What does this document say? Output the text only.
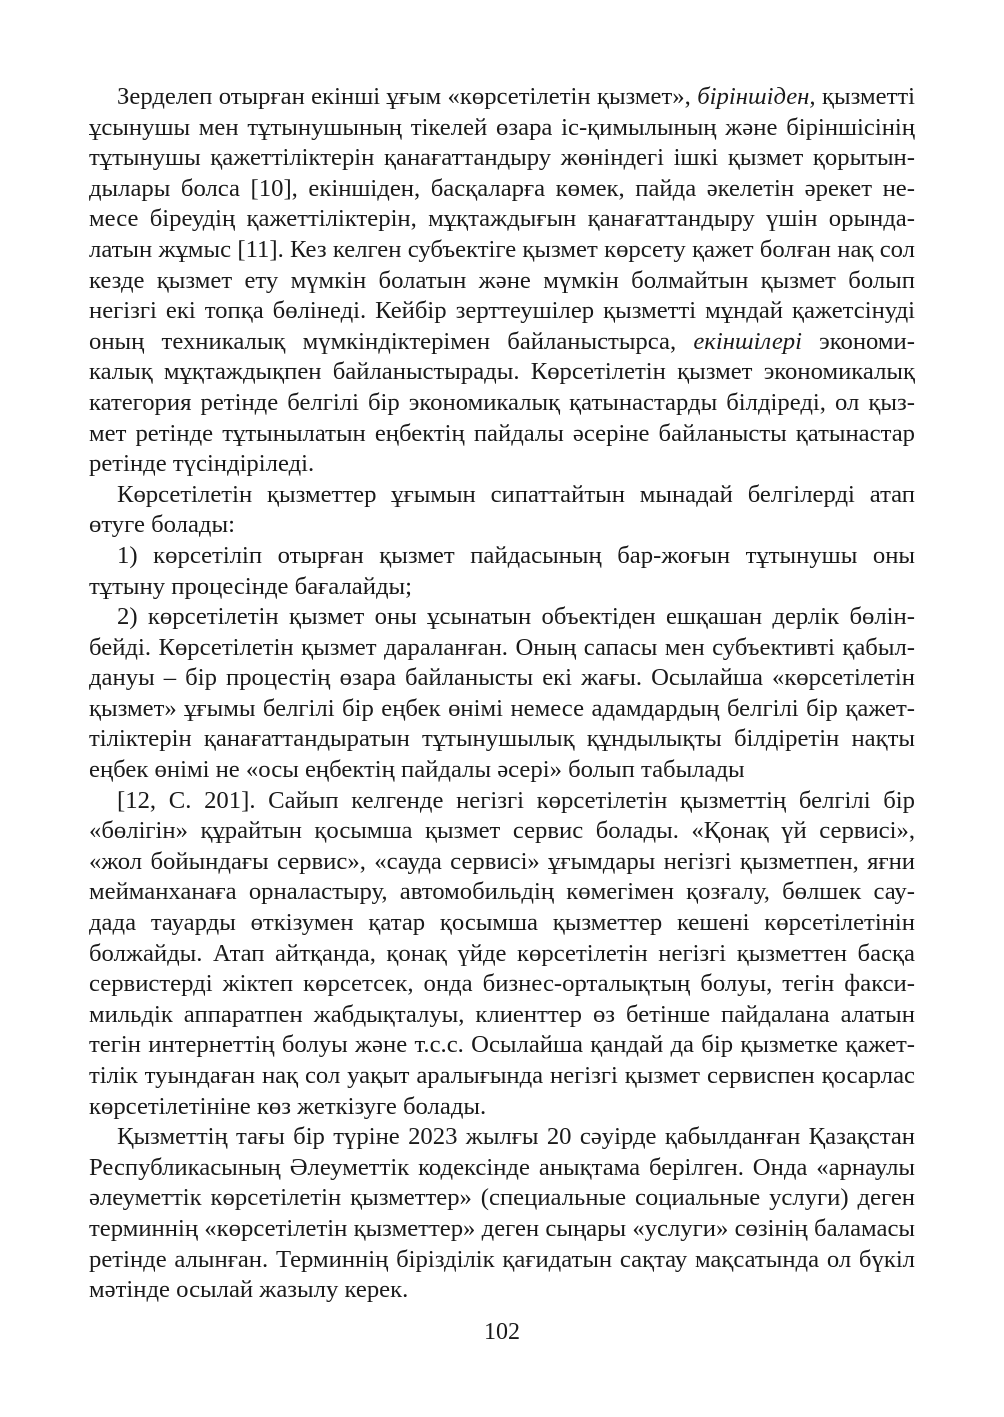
Зерделеп отырған екінші ұғым «көрсетілетін қызмет», біріншіден, қызметті ұсынушы мен тұтынушының тікелей өзара іс-қимылының және біріншісінің тұтынушы қажеттіліктерін қанағаттандыру жөніндегі ішкі қызмет қорытындылары болса [10], екіншіден, басқаларға көмек, пайда әкелетін әрекет немесе біреудің қажеттіліктерін, мұқтаждығын қанағаттандыру үшін орындалатын жұмыс [11]. Кез келген субъектіге қызмет көрсету қажет болған нақ сол кезде қызмет ету мүмкін болатын және мүмкін болмайтын қызмет болып негізгі екі топқа бөлінеді. Кейбір зерттеушілер қызметті мұндай қажетсінуді оның техникалық мүмкіндіктерімен байланыстырса, екіншілері экономикалық мұқтаждықпен байланыстырады. Көрсетілетін қызмет экономикалық категория ретінде белгілі бір экономикалық қатынастарды білдіреді, ол қызмет ретінде тұтынылатын еңбектің пайдалы әсеріне байланысты қатынастар ретінде түсіндіріледі.

Көрсетілетін қызметтер ұғымын сипаттайтын мынадай белгілерді атап өтуге болады:

1) көрсетіліп отырған қызмет пайдасының бар-жоғын тұтынушы оны тұтыну процесінде бағалайды;

2) көрсетілетін қызмет оны ұсынатын объектіден ешқашан дерлік бөлінбейді. Көрсетілетін қызмет дараланған. Оның сапасы мен субъективті қабылдануы – бір процестің өзара байланысты екі жағы. Осылайша «көрсетілетін қызмет» ұғымы белгілі бір еңбек өнімі немесе адамдардың белгілі бір қажеттіліктерін қанағаттандыратын тұтынушылық құндылықты білдіретін нақты еңбек өнімі не «осы еңбектің пайдалы әсері» болып табылады

[12, С. 201]. Сайып келгенде негізгі көрсетілетін қызметтің белгілі бір «бөлігін» құрайтын қосымша қызмет сервис болады. «Қонақ үй сервисі», «жол бойындағы сервис», «сауда сервисі» ұғымдары негізгі қызметпен, яғни мейманханаға орналастыру, автомобильдің көмегімен қозғалу, бөлшек саудада тауарды өткізумен қатар қосымша қызметтер кешені көрсетілетінін болжайды. Атап айтқанда, қонақ үйде көрсетілетін негізгі қызметтен басқа сервистерді жіктеп көрсетсек, онда бизнес-орталықтың болуы, тегін факсимильдік аппаратпен жабдықталуы, клиенттер өз бетінше пайдалана алатын тегін интернеттің болуы және т.с.с. Осылайша қандай да бір қызметке қажеттілік туындаған нақ сол уақыт аралығында негізгі қызмет сервиспен қосарлас көрсетілетініне көз жеткізуге болады.

Қызметтің тағы бір түріне 2023 жылғы 20 сәуірде қабылданған Қазақстан Республикасының Әлеуметтік кодексінде анықтама берілген. Онда «арнаулы әлеуметтік көрсетілетін қызметтер» (специальные социальные услуги) деген терминнің «көрсетілетін қызметтер» деген сыңары «услуги» сөзінің баламасы ретінде алынған. Терминнің бірізділік қағидатын сақтау мақсатында ол бүкіл мәтінде осылай жазылу керек.

102
